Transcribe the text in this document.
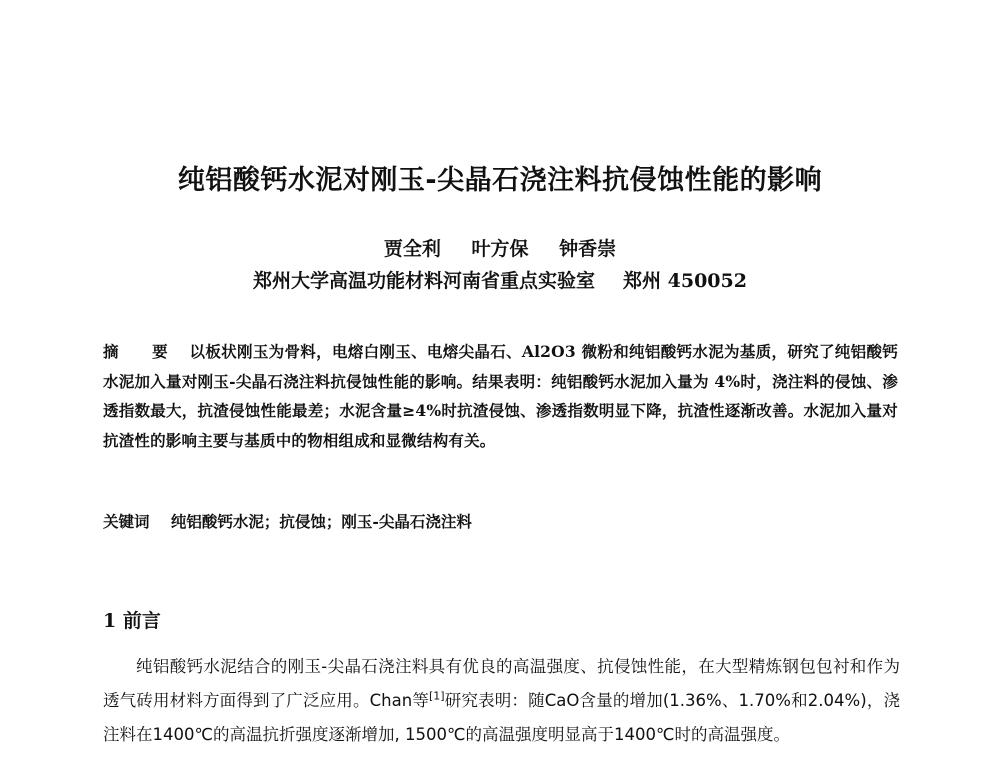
纯铝酸钙水泥对刚玉-尖晶石浇注料抗侵蚀性能的影响
贾全利 叶方保 钟香崇
郑州大学高温功能材料河南省重点实验室 郑州 450052
摘 要 以板状刚玉为骨料，电熔白刚玉、电熔尖晶石、Al2O3 微粉和纯铝酸钙水泥为基质，研究了纯铝酸钙水泥加入量对刚玉-尖晶石浇注料抗侵蚀性能的影响。结果表明：纯铝酸钙水泥加入量为 4%时，浇注料的侵蚀、渗透指数最大，抗渣侵蚀性能最差；水泥含量≥4%时抗渣侵蚀、渗透指数明显下降，抗渣性逐渐改善。水泥加入量对抗渣性的影响主要与基质中的物相组成和显微结构有关。
关键词 纯铝酸钙水泥；抗侵蚀；刚玉-尖晶石浇注料
1 前言

纯铝酸钙水泥结合的刚玉-尖晶石浇注料具有优良的高温强度、抗侵蚀性能，在大型精炼钢包包衬和作为透气砖用材料方面得到了广泛应用。Chan等[1]研究表明：随CaO含量的增加(1.36%、1.70%和2.04%)，浇注料在1400℃的高温抗折强度逐渐增加, 1500℃的高温强度明显高于1400℃时的高温强度。
